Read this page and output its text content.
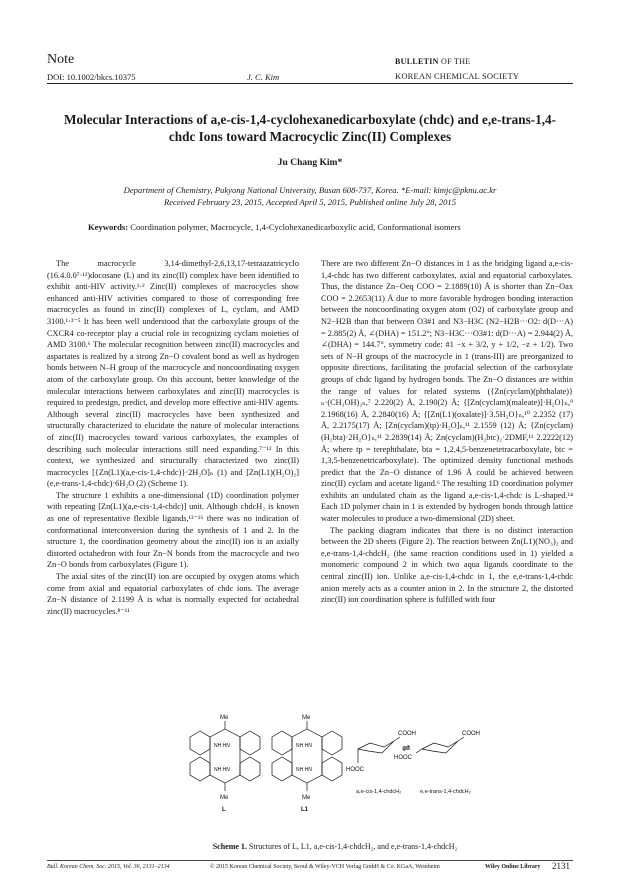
Note
DOI: 10.1002/bkcs.10375	J. C. Kim
BULLETIN OF THE
KOREAN CHEMICAL SOCIETY
Molecular Interactions of a,e-cis-1,4-cyclohexanedicarboxylate (chdc) and e,e-trans-1,4-chdc Ions toward Macrocyclic Zinc(II) Complexes
Ju Chang Kim*
Department of Chemistry, Pukyong National University, Busan 608-737, Korea. *E-mail: kimjc@pknu.ac.kr
Received February 23, 2015, Accepted April 5, 2015, Published online July 28, 2015
Keywords: Coordination polymer, Macrocycle, 1,4-Cyclohexanedicarboxylic acid, Conformational isomers

The macrocycle 3,14-dimethyl-2,6,13,17-tetraazatricyclo (16.4.0.0⁷·¹²)docosane (L) and its zinc(II) complex have been identified to exhibit anti-HIV activity.¹·² Zinc(II) complexes of macrocycles show enhanced anti-HIV activities compared to those of corresponding free macrocycles as found in zinc(II) complexes of L, cyclam, and AMD 3100.¹·³⁻⁵ It has been well understood that the carboxylate groups of the CXCR4 co-receptor play a crucial role in recognizing cyclam moieties of AMD 3100.⁶ The molecular recognition between zinc(II) macrocycles and aspartates is realized by a strong Zn−O covalent bond as well as hydrogen bonds between N–H group of the macrocycle and noncoordinating oxygen atom of the carboxylate group. On this account, better knowledge of the molecular interactions between carboxylates and zinc(II) macrocycles is required to predesign, predict, and develop more effective anti-HIV agents. Although several zinc(II) macrocycles have been synthesized and structurally characterized to elucidate the nature of molecular interactions of zinc(II) macrocycles toward various carboxylates, the examples of describing such molecular interactions still need expanding.⁷⁻¹² In this context, we synthesized and structurally characterized two zinc(II) macrocycles [{Zn(L1)(a,e-cis-1,4-chdc)}·2H₂O]ₙ (1) and [Zn(L1)(H₂O)₂](e,e-trans-1,4-chdc)·6H₂O (2) (Scheme 1).

The structure 1 exhibits a one-dimensional (1D) coordination polymer with repeating [Zn(L1)(a,e-cis-1,4-chdc)] unit. Although chdcH₂ is known as one of representative flexible ligands,¹³⁻¹⁶ there was no indication of conformational interconversion during the synthesis of 1 and 2. In the structure 1, the coordination geometry about the zinc(II) ion is an axially distorted octahedron with four Zn−N bonds from the macrocycle and two Zn−O bonds from carboxylates (Figure 1).

The axial sites of the zinc(II) ion are occupied by oxygen atoms which come from axial and equatorial carboxylates of chdc ions. The average Zn−N distance of 2.1199 Å is what is normally expected for octahedral zinc(II) macrocycles.⁸⁻¹¹

There are two different Zn−O distances in 1 as the bridging ligand a,e-cis-1,4-chdc has two different carboxylates, axial and equatorial carboxylates. Thus, the distance Zn−Oeq COO = 2.1889(10) Å is shorter than Zn−Oax COO = 2.2653(11) Å due to more favorable hydrogen bonding interaction between the noncoordinating oxygen atom (O2) of carboxylate group and N2−H2B than that between O3#1 and N3−H3C (N2−H2B···O2: d(D···A) = 2.885(2) Å, ∠(DHA) = 151.2°; N3−H3C···O3#1: d(D···A) = 2.944(2) Å, ∠(DHA) = 144.7°, symmetry code: #1 −x + 3/2, y + 1/2, −z + 1/2). Two sets of N−H groups of the macrocycle in 1 (trans-III) are preorganized to opposite directions, facilitating the profacial selection of the carboxylate groups of chdc ligand by hydrogen bonds. The Zn−O distances are within the range of values for related systems ({Zn(cyclam)(phthalate)}ₙ·(CH₃OH)₂ₙ,⁷ 2.220(2) Å, 2.190(2) Å; {[Zn(cyclam)(maleate)]·H₂O}ₙ,⁹ 2.1968(16) Å, 2.2840(16) Å; {[Zn(L1)(oxalate)]·3.5H₂O}ₙ,¹⁰ 2.2352 (17) Å, 2.2175(17) Å; [Zn(cyclam)(tp)·H₂O]ₙ,¹¹ 2.1559 (12) Å; {Zn(cyclam)(H₂bta)·2H₂O}ₙ,¹¹ 2.2839(14) Å; Zn(cyclam)(H₂btc)₂·2DMF,¹¹ 2.2222(12) Å; where tp = terephthalate, bta = 1,2,4,5-benzenetetracarboxylate, btc = 1,3,5-benzenetricarboxylate). The optimized density functional methods predict that the Zn−O distance of 1.96 Å could be achieved between zinc(II) cyclam and acetate ligand.⁶ The resulting 1D coordination polymer exhibits an undulated chain as the ligand a,e-cis-1,4-chdc is L-shaped.¹⁴ Each 1D polymer chain in 1 is extended by hydrogen bonds through lattice water molecules to produce a two-dimensional (2D) sheet.

The packing diagram indicates that there is no distinct interaction between the 2D sheets (Figure 2). The reaction between Zn(L1)(NO₃)₂ and e,e-trans-1,4-chdcH₂ (the same reaction conditions used in 1) yielded a monomeric compound 2 in which two aqua ligands coordinate to the central zinc(II) ion. Unlike a,e-cis-1,4-chdc in 1, the e,e-trans-1,4-chdc anion merely acts as a counter anion in 2. In the structure 2, the distorted zinc(II) ion coordination sphere is fulfilled with four

Me
Me
Me
Me
NH HN
NH HN
NH HN
NH HN
L	L1
HOOC
COOH
⇌
HOOC
COOH
a,e-cis-1,4-chdcH₂	e,e-trans-1,4-chdcH₂
Scheme 1. Structures of L, L1, a,e-cis-1,4-chdcH₂, and e,e-trans-1,4-chdcH₂
Bull. Korean Chem. Soc. 2015, Vol. 36, 2131–2134	© 2015 Korean Chemical Society, Seoul & Wiley-VCH Verlag GmbH & Co. KGaA, Weinheim	Wiley Online Library 2131
